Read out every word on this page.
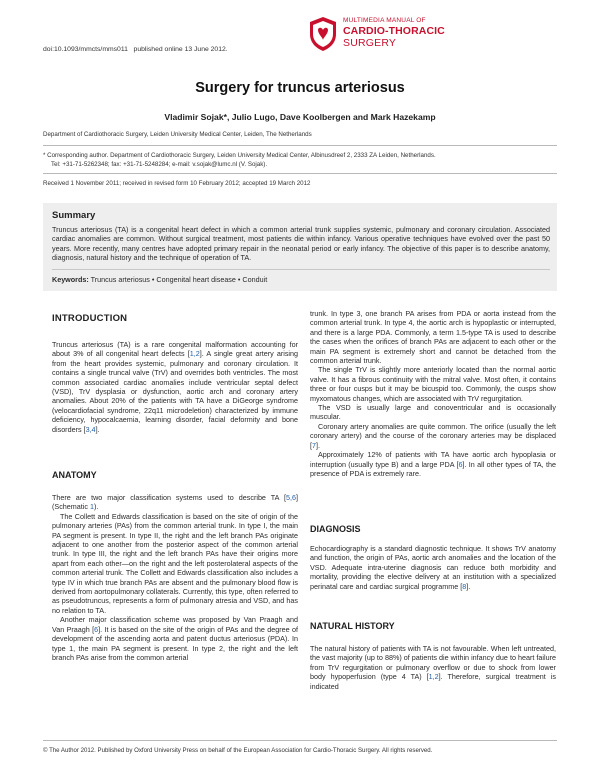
doi:10.1093/mmcts/mms011 published online 13 June 2012.
MULTIMEDIA MANUAL OF
CARDIO-THORACIC
SURGERY
Surgery for truncus arteriosus
Vladimir Sojak*, Julio Lugo, Dave Koolbergen and Mark Hazekamp
Department of Cardiothoracic Surgery, Leiden University Medical Center, Leiden, The Netherlands
* Corresponding author. Department of Cardiothoracic Surgery, Leiden University Medical Center, Albinusdreef 2, 2333 ZA Leiden, Netherlands.
Tel: +31-71-5262348; fax: +31-71-5248284; e-mail: v.sojak@lumc.nl (V. Sojak).
Received 1 November 2011; received in revised form 10 February 2012; accepted 19 March 2012
Summary
Truncus arteriosus (TA) is a congenital heart defect in which a common arterial trunk supplies systemic, pulmonary and coronary circulation. Associated cardiac anomalies are common. Without surgical treatment, most patients die within infancy. Various operative techniques have evolved over the past 50 years. More recently, many centres have adopted primary repair in the neonatal period or early infancy. The objective of this paper is to describe anatomy, diagnosis, natural history and the technique of operation of TA.
Keywords: Truncus arteriosus • Congenital heart disease • Conduit
INTRODUCTION

Truncus arteriosus (TA) is a rare congenital malformation accounting for about 3% of all congenital heart defects [1,2]. A single great artery arising from the heart provides systemic, pulmonary and coronary circulation. It contains a single truncal valve (TrV) and overrides both ventricles. The most common associated cardiac anomalies include ventricular septal defect (VSD), TrV dysplasia or dysfunction, aortic arch and coronary artery anomalies. About 20% of the patients with TA have a DiGeorge syndrome (velocardiofacial syndrome, 22q11 microdeletion) characterized by immune deficiency, hypocalcaemia, learning disorder, facial deformity and bone disorders [3,4].

ANATOMY

There are two major classification systems used to describe TA [5,6] (Schematic 1).

The Collett and Edwards classification is based on the site of origin of the pulmonary arteries (PAs) from the common arterial trunk. In type I, the main PA segment is present. In type II, the right and the left branch PAs originate adjacent to one another from the posterior aspect of the common arterial trunk. In type III, the right and the left branch PAs have their origins more apart from each other—on the right and the left posterolateral aspects of the common arterial trunk. The Collett and Edwards classification also includes a type IV in which true branch PAs are absent and the pulmonary blood flow is derived from aortopulmonary collaterals. Currently, this type, often referred to as pseudotruncus, represents a form of pulmonary atresia and VSD, and has no relation to TA.

Another major classification scheme was proposed by Van Praagh and Van Praagh [6]. It is based on the site of the origin of PAs and the degree of development of the ascending aorta and patent ductus arteriosus (PDA). In type 1, the main PA segment is present. In type 2, the right and the left branch PAs arise from the common arterial

trunk. In type 3, one branch PA arises from PDA or aorta instead from the common arterial trunk. In type 4, the aortic arch is hypoplastic or interrupted, and there is a large PDA. Commonly, a term 1.5-type TA is used to describe the cases when the orifices of branch PAs are adjacent to each other or the main PA segment is extremely short and cannot be detached from the common arterial trunk.

The single TrV is slightly more anteriorly located than the normal aortic valve. It has a fibrous continuity with the mitral valve. Most often, it contains three or four cusps but it may be bicuspid too. Commonly, the cusps show myxomatous changes, which are associated with TrV regurgitation.

The VSD is usually large and conoventricular and is occasionally muscular.

Coronary artery anomalies are quite common. The orifice (usually the left coronary artery) and the course of the coronary arteries may be displaced [7].

Approximately 12% of patients with TA have aortic arch hypoplasia or interruption (usually type B) and a large PDA [6]. In all other types of TA, the presence of PDA is extremely rare.

DIAGNOSIS

Echocardiography is a standard diagnostic technique. It shows TrV anatomy and function, the origin of PAs, aortic arch anomalies and the location of the VSD. Adequate intra-uterine diagnosis can reduce both morbidity and mortality, providing the elective delivery at an institution with a specialized perinatal care and cardiac surgical programme [8].

NATURAL HISTORY

The natural history of patients with TA is not favourable. When left untreated, the vast majority (up to 88%) of patients die within infancy due to heart failure from TrV regurgitation or pulmonary overflow or due to shock from lower body hypoperfusion (type 4 TA) [1,2]. Therefore, surgical treatment is indicated

© The Author 2012. Published by Oxford University Press on behalf of the European Association for Cardio-Thoracic Surgery. All rights reserved.
